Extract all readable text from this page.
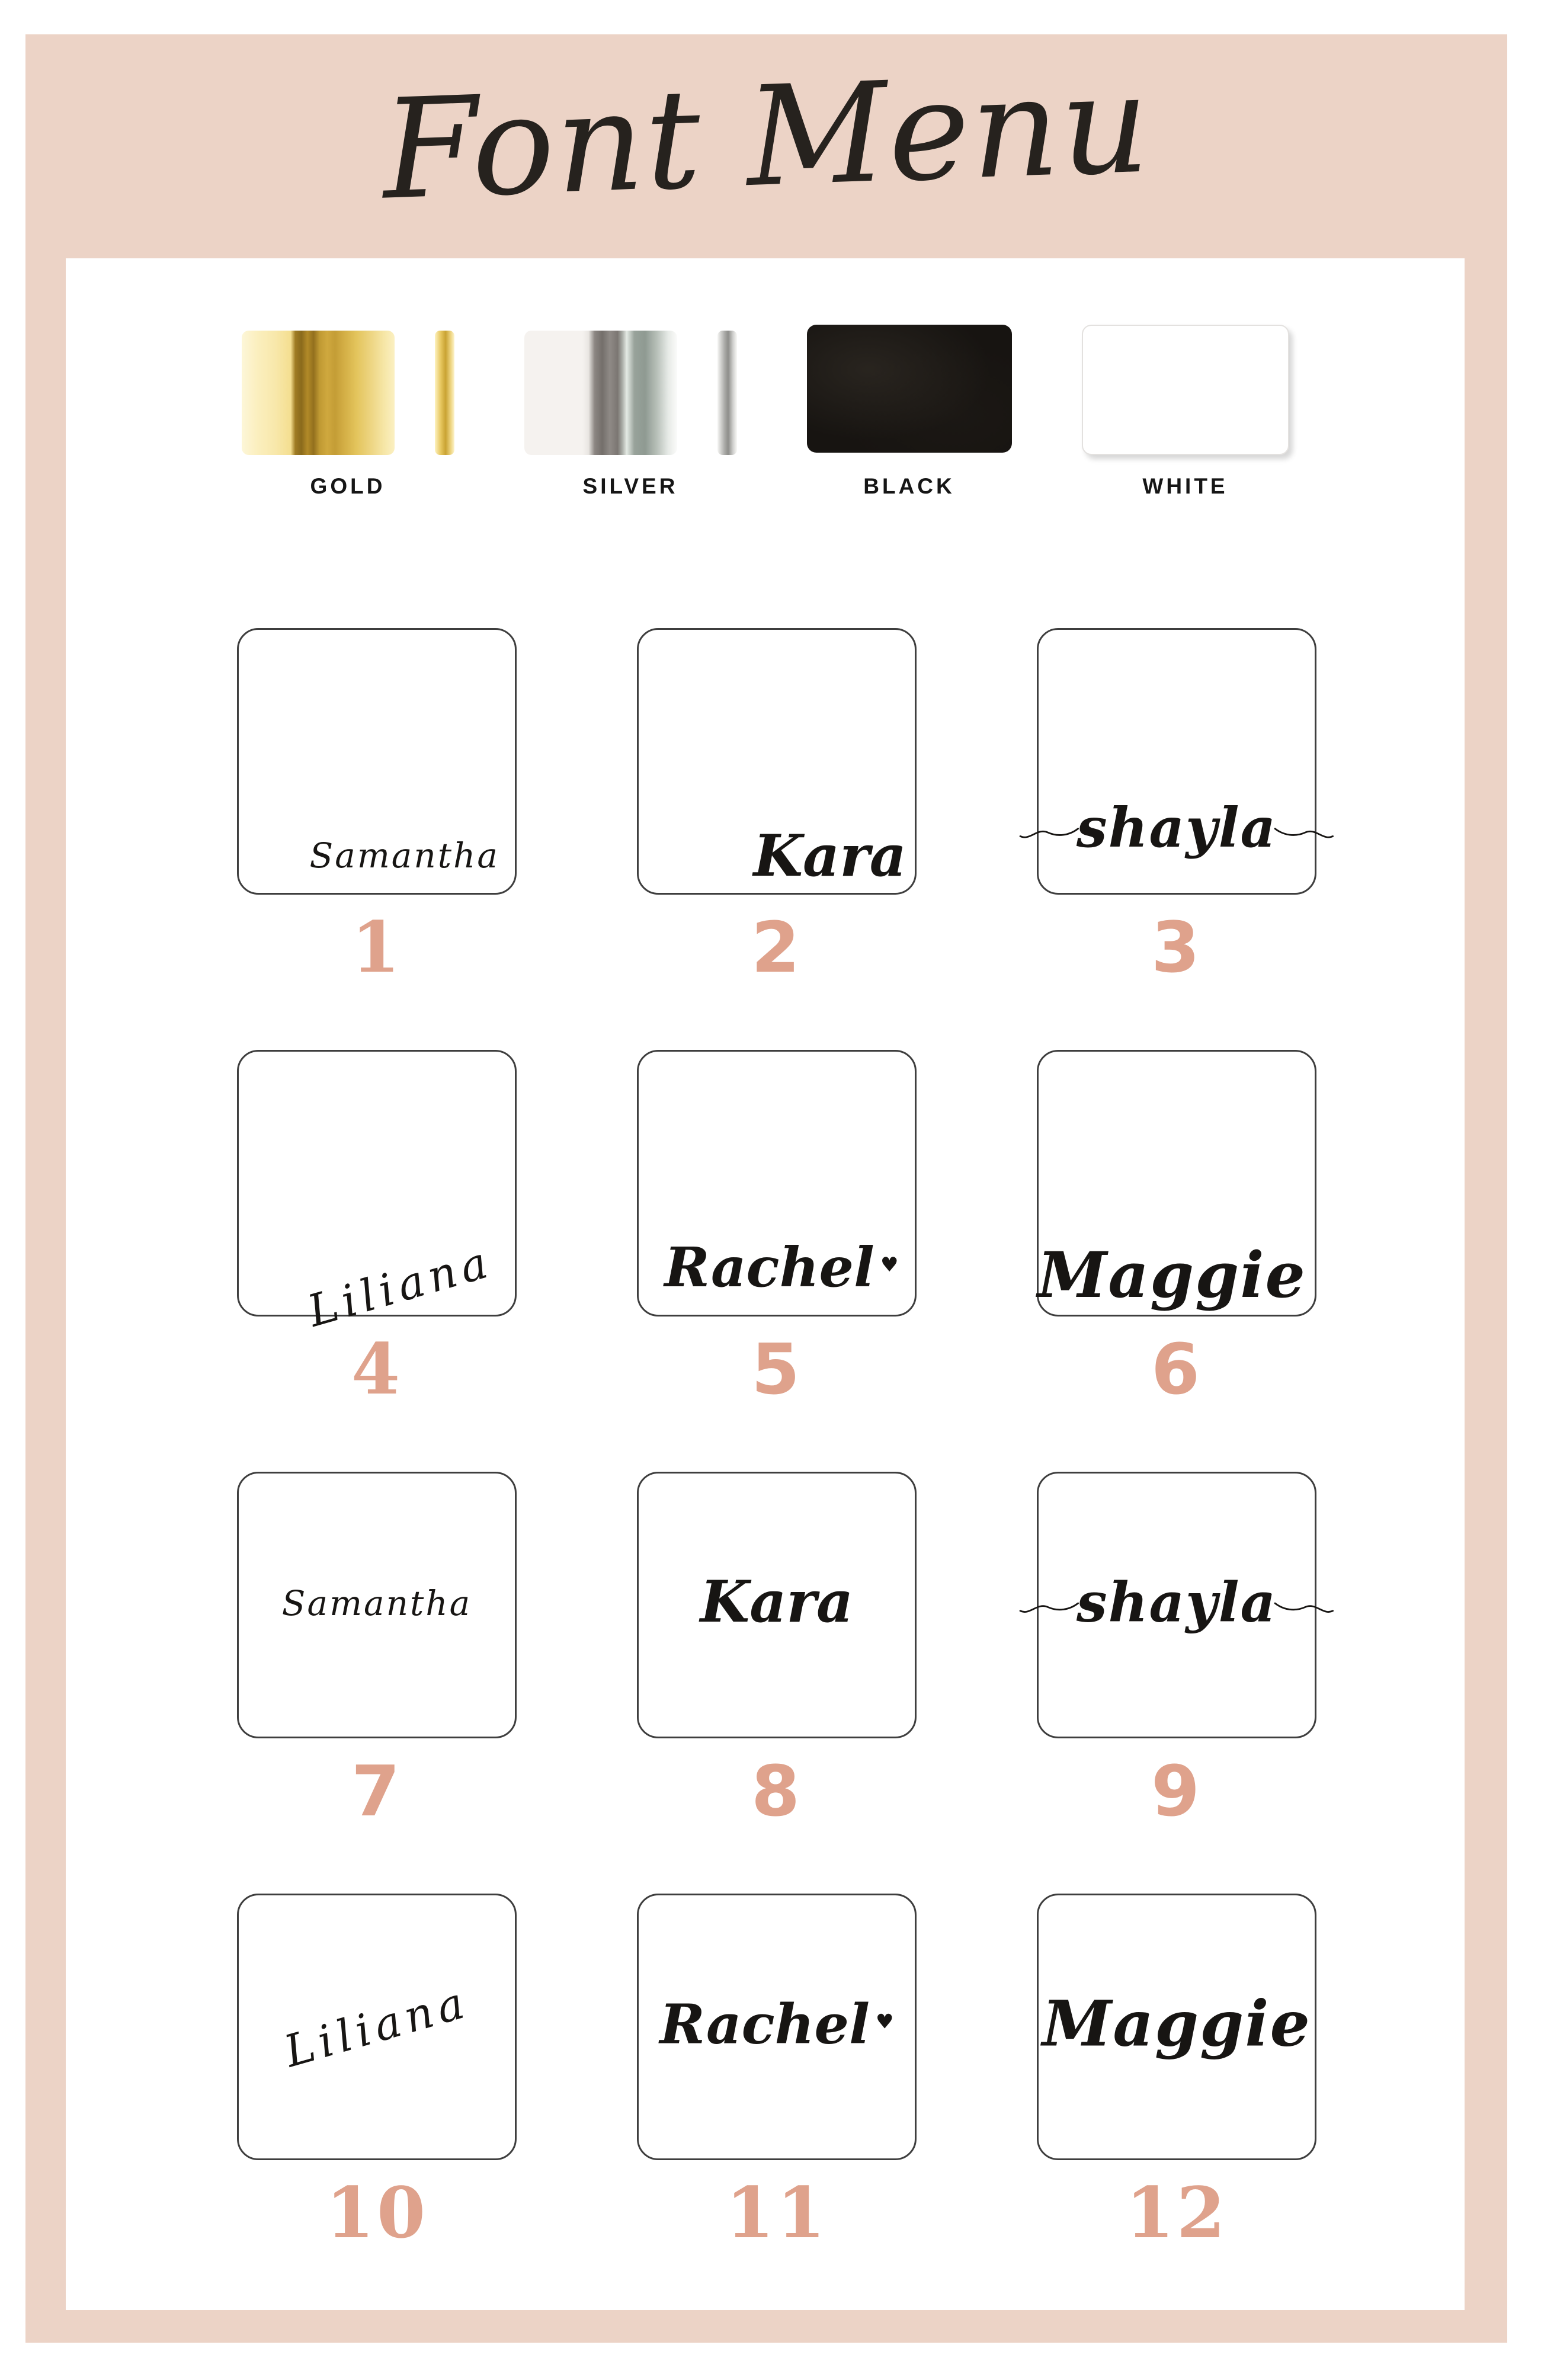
Font Menu
GOLD	SILVER	BLACK	WHITE
Samantha
1
Kara
2
shayla
3
Liliana
4
Rachel ♥
5
Maggie
6
Samantha
7
Kara
8
shayla
9
Liliana
10
Rachel ♥
11
Maggie
12
